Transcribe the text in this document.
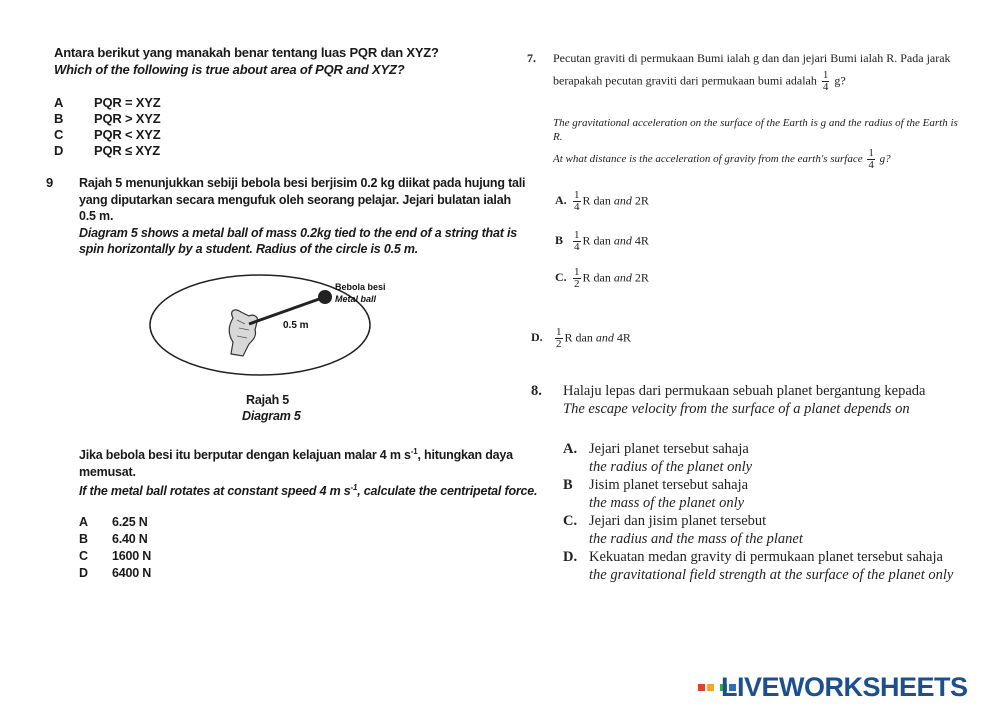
Antara berikut yang manakah benar tentang luas PQR dan XYZ?
Which of the following is true about area of PQR and XYZ?
A PQR = XYZ
B PQR > XYZ
C PQR < XYZ
D PQR ≤ XYZ
9 Rajah 5 menunjukkan sebiji bebola besi berjisim 0.2 kg diikat pada hujung tali
yang diputarkan secara mengufuk oleh seorang pelajar. Jejari bulatan ialah
0.5 m.
Diagram 5 shows a metal ball of mass 0.2kg tied to the end of a string that is
spin horizontally by a student. Radius of the circle is 0.5 m.
Bebola besi
Metal ball
0.5 m
Rajah 5
Diagram 5
Jika bebola besi itu berputar dengan kelajuan malar 4 m $s^{-1}$, hitungkan daya
memusat.
If the metal ball rotates at constant speed 4 m $s^{-1}$, calculate the centripetal force.
A 6.25 N
B 6.40 N
C 1600 N
D 6400 N
7. Pecutan graviti di permukaan Bumi ialah g dan dan jejari Bumi ialah R. Pada jarak
berapakah pecutan graviti dari permukaan bumi adalah $\frac{1}{4} g$?
The gravitational acceleration on the surface of the Earth is g and the radius of the Earth is
R.
At what distance is the acceleration of gravity from the earth's surface $\frac{1}{4} g$?
A. $\frac{1}{4}$ R dan and 2R
B $\frac{1}{4}$ R dan and 4R
C. $\frac{1}{2}$ R dan and 2R
D. $\frac{1}{2}$ R dan and 4R
8. Halaju lepas dari permukaan sebuah planet bergantung kepada
The escape velocity from the surface of a planet depends on
A. Jejari planet tersebut sahaja
the radius of the planet only
B Jisim planet tersebut sahaja
the mass of the planet only
C. Jejari dan jisim planet tersebut
the radius and the mass of the planet
D. Kekuatan medan gravity di permukaan planet tersebut sahaja
the gravitational field strength at the surface of the planet only

LIVEWORKSHEETS
